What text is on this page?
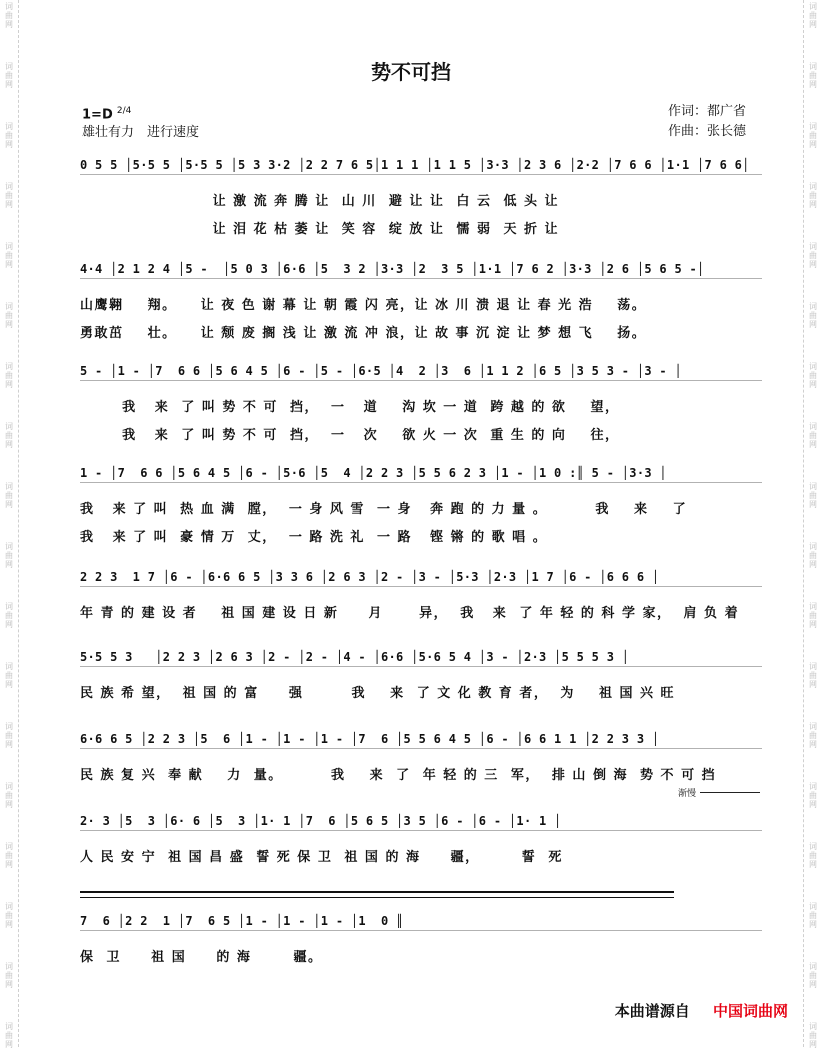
词
曲
网
词
曲
网
词
曲
网
词
曲
网
词
曲
网
词
曲
网
词
曲
网
词
曲
网
词
曲
网
词
曲
网
词
曲
网
词
曲
网
词
曲
网
词
曲
网
词
曲
网
词
曲
网
词
曲
网
词
曲
网
词
曲
网
词
曲
网
词
曲
网
词
曲
网
词
曲
网
词
曲
网
词
曲
网
词
曲
网
词
曲
网
词
曲
网
词
曲
网
词
曲
网
词
曲
网
词
曲
网
词
曲
网
词
曲
网
词
曲
网
词
曲
网
势不可挡
1=D $^{2/4}$
雄壮有力　进行速度
作词：都广省
作曲：张长德
0 5 5 │5·5 5 │5·5 5 │5 3 3·2 │2 2 7 6 5│1 1 1 │1 1 5 │3·3 │2 3 6 │2·2 │7 6 6 │1·1 │7 6 6│
让 激 流 奔 腾 让  山 川  避 让 让  白 云  低 头 让
让 泪 花 枯 萎 让  笑 容  绽 放 让  懦 弱  天 折 让
4·4 │2 1 2 4 │5 -  │5 0 3 │6·6 │5  3 2 │3·3 │2  3 5 │1·1 │7 6 2 │3·3 │2 6 │5 6 5 -│
山鹰翱    翔。    让 夜 色 谢 幕 让 朝 霞 闪 亮，让 冰 川 溃 退 让 春 光 浩    荡。
勇敢茁    壮。    让 颓 废 搁 浅 让 激 流 冲 浪，让 故 事 沉 淀 让 梦 想 飞    扬。
5 - │1 - │7  6 6 │5 6 4 5 │6 - │5 - │6·5 │4  2 │3  6 │1 1 2 │6 5 │3 5 3 - │3 - │
我   来  了 叫 势 不 可  挡，  一   道    沟 坎 一 道  跨 越 的 欲    望，
我   来  了 叫 势 不 可  挡，  一   次    欲 火 一 次  重 生 的 向    往，
1 - │7  6 6 │5 6 4 5 │6 - │5·6 │5  4 │2 2 3 │5 5 6 2 3 │1 - │1 0 :║ 5 - │3·3 │
我   来 了 叫  热 血 满  膛，  一 身 风 雪  一 身   奔 跑 的 力 量 。        我    来    了
我   来 了 叫  豪 情 万  丈，  一 路 洗 礼  一 路   铿 锵 的 歌 唱 。
2 2 3  1 7 │6 - │6·6 6 5 │3 3 6 │2 6 3 │2 - │3 - │5·3 │2·3 │1 7 │6 - │6 6 6 │
年 青 的 建 设 者    祖 国 建 设 日 新     月      异，  我   来  了 年 轻 的 科 学 家，  肩 负 着
5·5 5 3   │2 2 3 │2 6 3 │2 - │2 - │4 - │6·6 │5·6 5 4 │3 - │2·3 │5 5 5 3 │
民 族 希 望，  祖 国 的 富     强        我    来  了 文 化 教 育 者，  为    祖 国 兴 旺
6·6 6 5 │2 2 3 │5  6 │1 - │1 - │1 - │7  6 │5 5 6 4 5 │6 - │6 6 1 1 │2 2 3 3 │
民 族 复 兴  奉 献    力  量。        我    来  了  年 轻 的 三  军，  排 山 倒 海  势 不 可 挡
2· 3 │5  3 │6· 6 │5  3 │1· 1 │7  6 │5 6 5 │3 5 │6 - │6 - │1· 1 │
人 民 安 宁  祖 国 昌 盛  誓 死 保 卫  祖 国 的 海     疆，       誓  死
7  6 │2 2  1 │7  6 5 │1 - │1 - │1 - │1  0 ║
保  卫     祖 国     的 海       疆。
渐慢
本曲谱源自 中国词曲网
